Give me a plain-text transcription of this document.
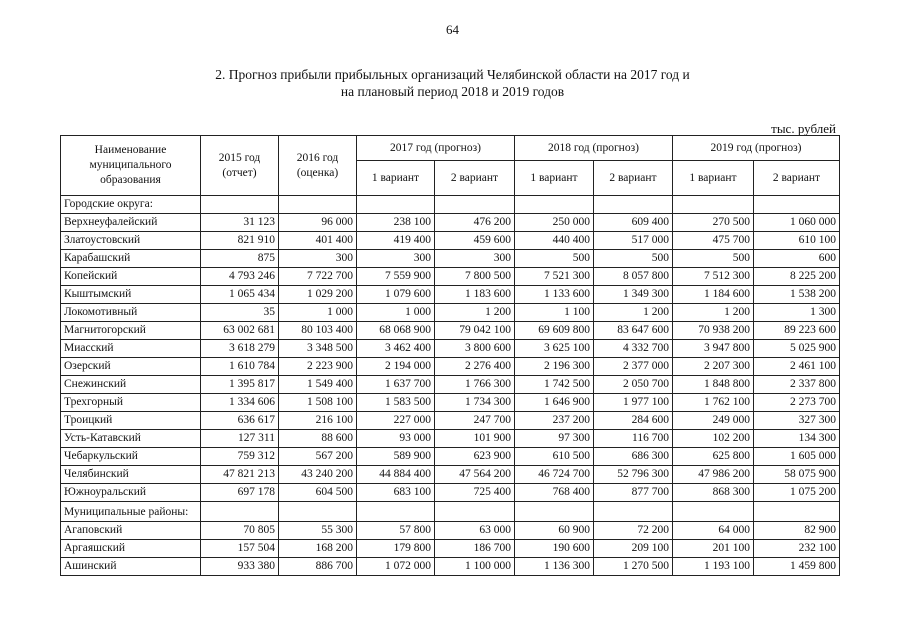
64
2. Прогноз прибыли прибыльных организаций Челябинской области на 2017 год и
на плановый период 2018 и 2019 годов
тыс. рублей
Наименование муниципального образования	2015 год (отчет)	2016 год (оценка)	2017 год (прогноз)		2018 год (прогноз)		2019 год (прогноз)	
			1 вариант	2 вариант	1 вариант	2 вариант	1 вариант	2 вариант
Городские округа:								
Верхнеуфалейский	31 123	96 000	238 100	476 200	250 000	609 400	270 500	1 060 000
Златоустовский	821 910	401 400	419 400	459 600	440 400	517 000	475 700	610 100
Карабашский	875	300	300	300	500	500	500	600
Копейский	4 793 246	7 722 700	7 559 900	7 800 500	7 521 300	8 057 800	7 512 300	8 225 200
Кыштымский	1 065 434	1 029 200	1 079 600	1 183 600	1 133 600	1 349 300	1 184 600	1 538 200
Локомотивный	35	1 000	1 000	1 200	1 100	1 200	1 200	1 300
Магнитогорский	63 002 681	80 103 400	68 068 900	79 042 100	69 609 800	83 647 600	70 938 200	89 223 600
Миасский	3 618 279	3 348 500	3 462 400	3 800 600	3 625 100	4 332 700	3 947 800	5 025 900
Озерский	1 610 784	2 223 900	2 194 000	2 276 400	2 196 300	2 377 000	2 207 300	2 461 100
Снежинский	1 395 817	1 549 400	1 637 700	1 766 300	1 742 500	2 050 700	1 848 800	2 337 800
Трехгорный	1 334 606	1 508 100	1 583 500	1 734 300	1 646 900	1 977 100	1 762 100	2 273 700
Троицкий	636 617	216 100	227 000	247 700	237 200	284 600	249 000	327 300
Усть-Катавский	127 311	88 600	93 000	101 900	97 300	116 700	102 200	134 300
Чебаркульский	759 312	567 200	589 900	623 900	610 500	686 300	625 800	1 605 000
Челябинский	47 821 213	43 240 200	44 884 400	47 564 200	46 724 700	52 796 300	47 986 200	58 075 900
Южноуральский	697 178	604 500	683 100	725 400	768 400	877 700	868 300	1 075 200
Муниципальные районы:								
Агаповский	70 805	55 300	57 800	63 000	60 900	72 200	64 000	82 900
Аргаяшский	157 504	168 200	179 800	186 700	190 600	209 100	201 100	232 100
Ашинский	933 380	886 700	1 072 000	1 100 000	1 136 300	1 270 500	1 193 100	1 459 800
